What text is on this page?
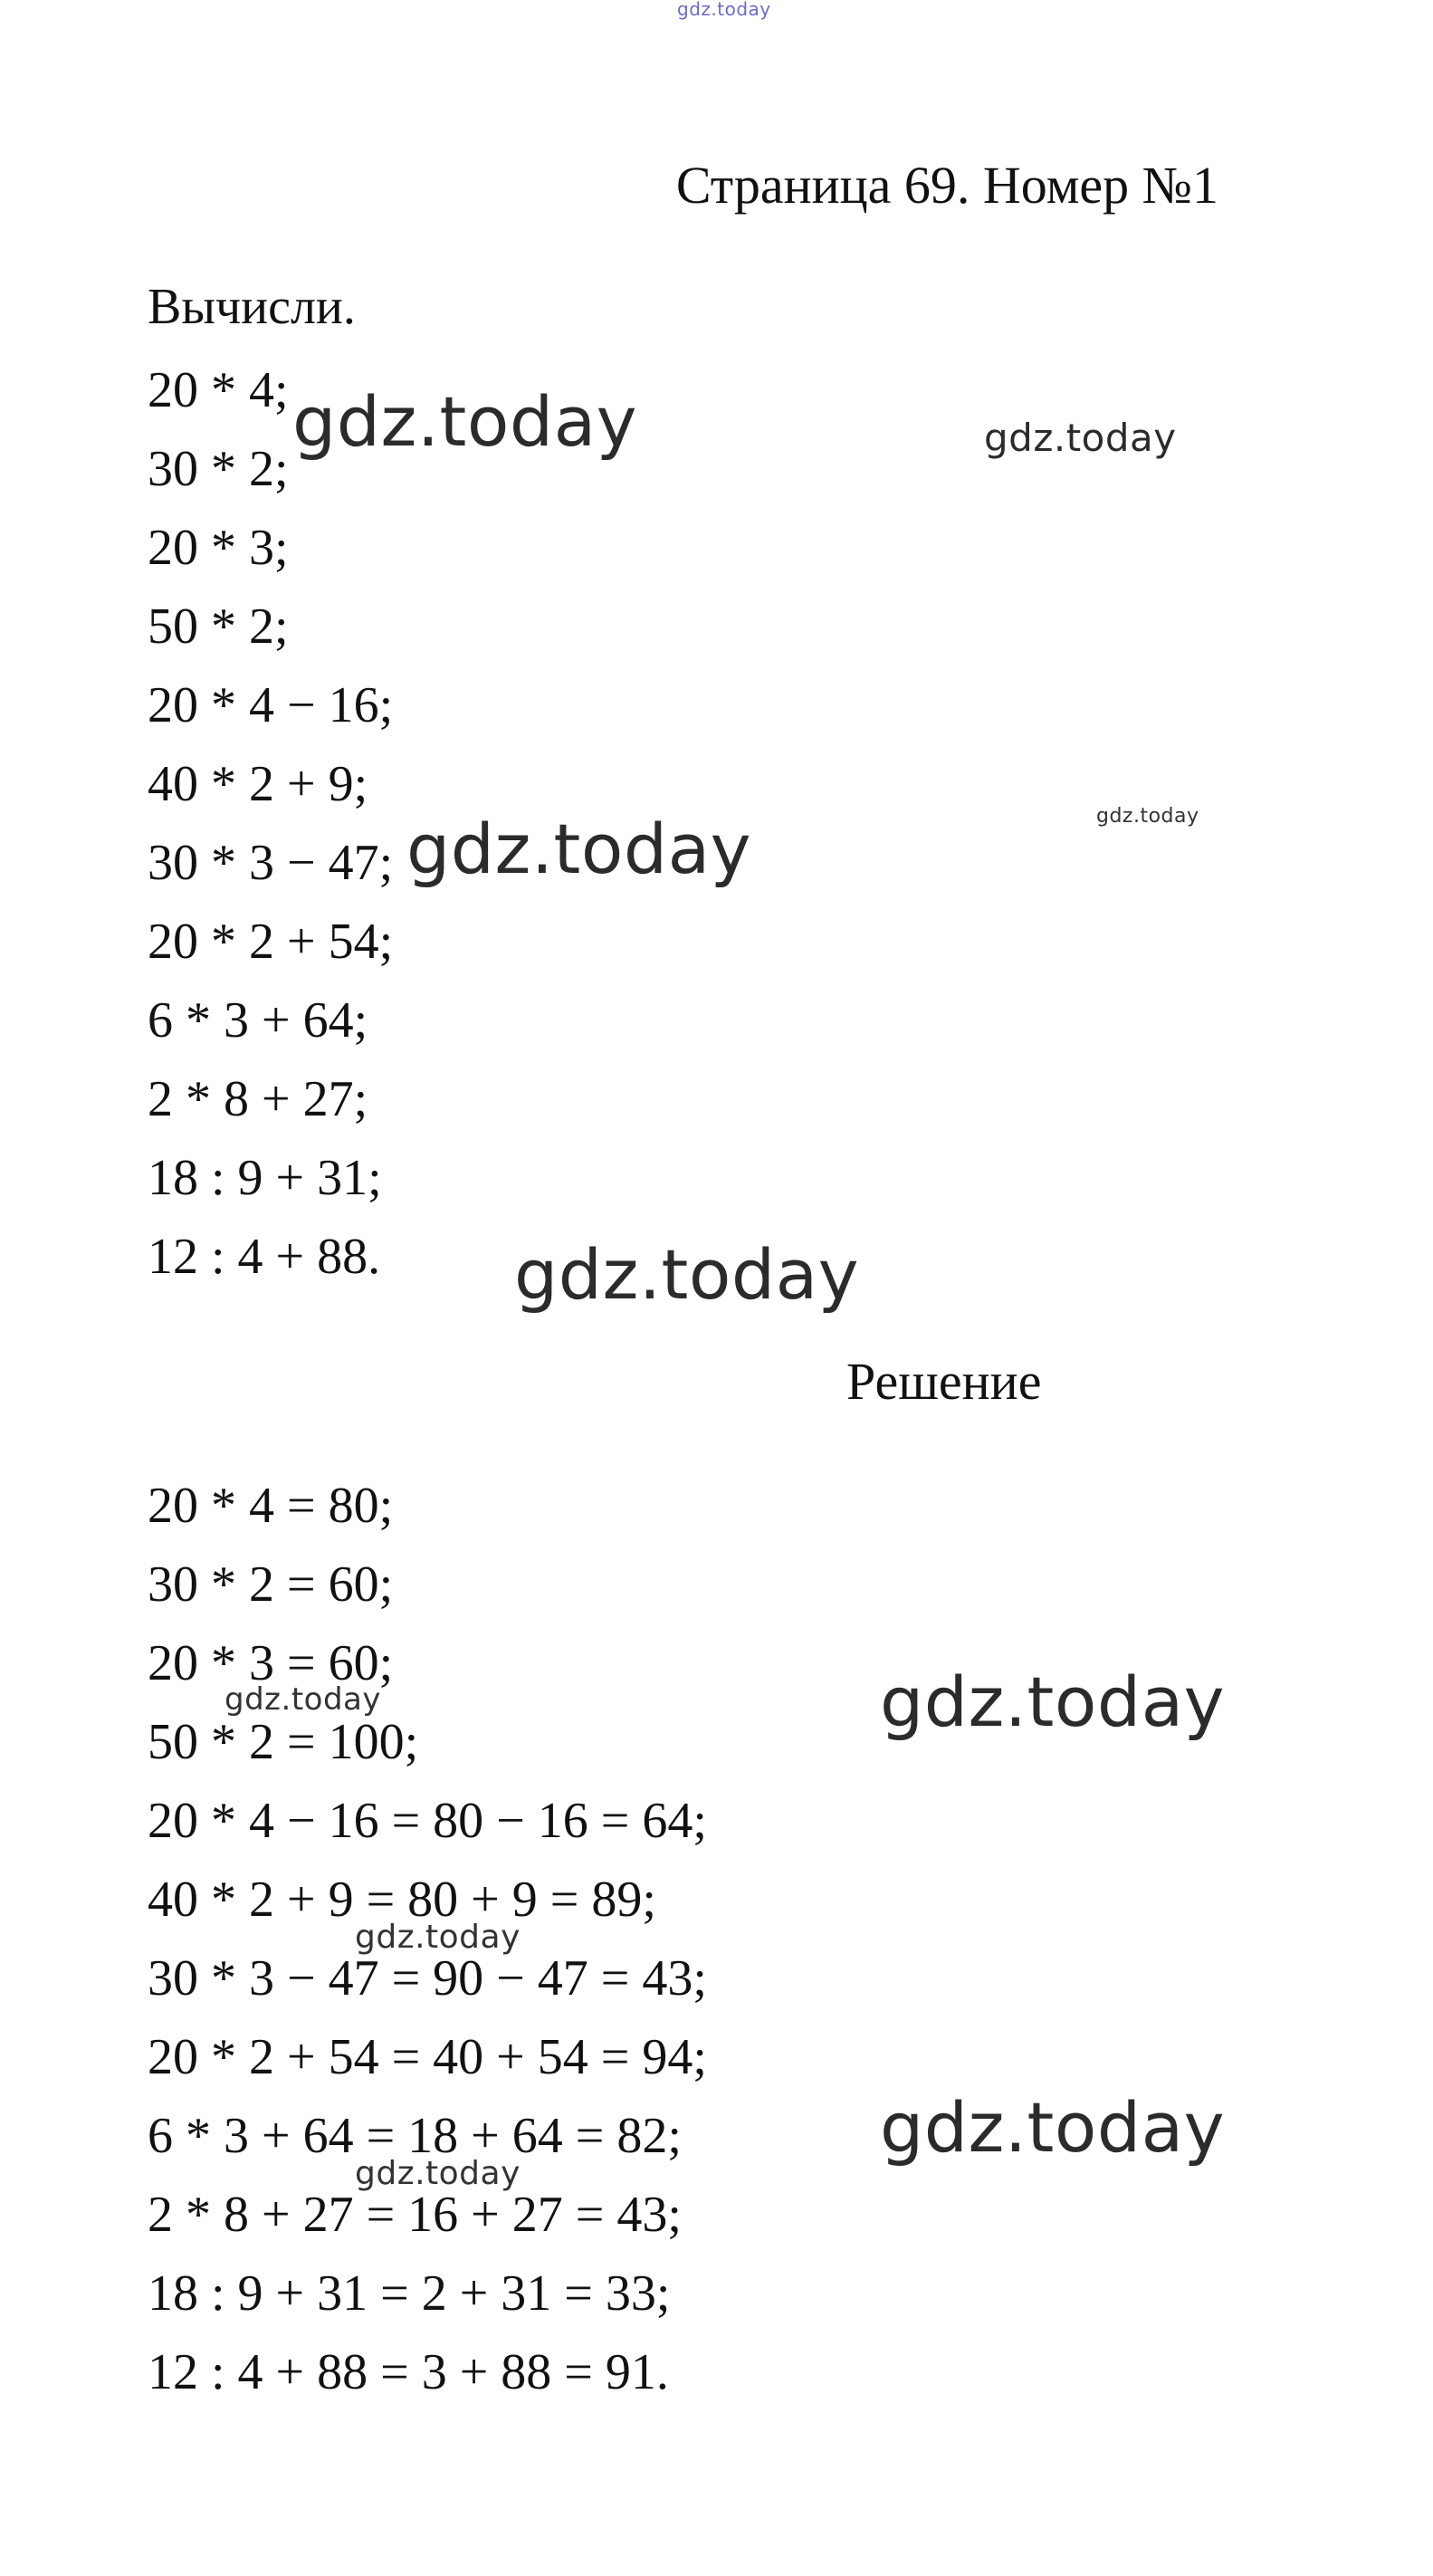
Страница 69. Номер №1
Вычисли.
20 * 4;
30 * 2;
20 * 3;
50 * 2;
20 * 4 − 16;
40 * 2 + 9;
30 * 3 − 47;
20 * 2 + 54;
6 * 3 + 64;
2 * 8 + 27;
18 : 9 + 31;
12 : 4 + 88.
Решение
20 * 4 = 80;
30 * 2 = 60;
20 * 3 = 60;
50 * 2 = 100;
20 * 4 − 16 = 80 − 16 = 64;
40 * 2 + 9 = 80 + 9 = 89;
30 * 3 − 47 = 90 − 47 = 43;
20 * 2 + 54 = 40 + 54 = 94;
6 * 3 + 64 = 18 + 64 = 82;
2 * 8 + 27 = 16 + 27 = 43;
18 : 9 + 31 = 2 + 31 = 33;
12 : 4 + 88 = 3 + 88 = 91.
gdz.today
gdz.today	gdz.today
gdz.today
gdz.today
gdz.today
gdz.today
gdz.today
gdz.today
gdz.today
gdz.today
